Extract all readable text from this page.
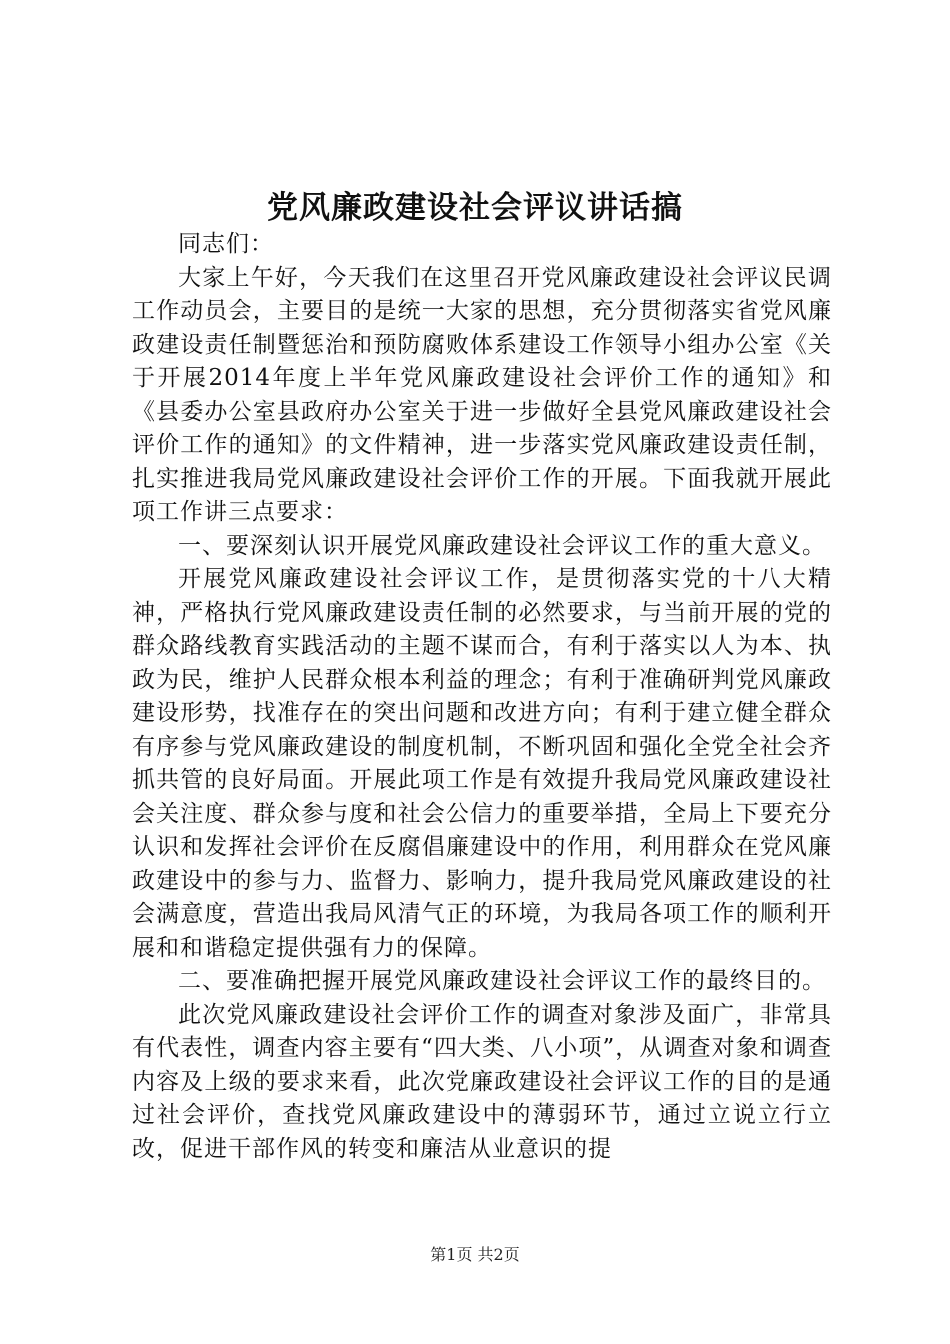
党风廉政建设社会评议讲话搞

同志们：

大家上午好，今天我们在这里召开党风廉政建设社会评议民调工作动员会，主要目的是统一大家的思想，充分贯彻落实省党风廉政建设责任制暨惩治和预防腐败体系建设工作领导小组办公室《关于开展2014年度上半年党风廉政建设社会评价工作的通知》和《县委办公室县政府办公室关于进一步做好全县党风廉政建设社会评价工作的通知》的文件精神，进一步落实党风廉政建设责任制，扎实推进我局党风廉政建设社会评价工作的开展。下面我就开展此项工作讲三点要求：

一、要深刻认识开展党风廉政建设社会评议工作的重大意义。

开展党风廉政建设社会评议工作，是贯彻落实党的十八大精神，严格执行党风廉政建设责任制的必然要求，与当前开展的党的群众路线教育实践活动的主题不谋而合，有利于落实以人为本、执政为民，维护人民群众根本利益的理念；有利于准确研判党风廉政建设形势，找准存在的突出问题和改进方向；有利于建立健全群众有序参与党风廉政建设的制度机制，不断巩固和强化全党全社会齐抓共管的良好局面。开展此项工作是有效提升我局党风廉政建设社会关注度、群众参与度和社会公信力的重要举措，全局上下要充分认识和发挥社会评价在反腐倡廉建设中的作用，利用群众在党风廉政建设中的参与力、监督力、影响力，提升我局党风廉政建设的社会满意度，营造出我局风清气正的环境，为我局各项工作的顺利开展和和谐稳定提供强有力的保障。

二、要准确把握开展党风廉政建设社会评议工作的最终目的。

此次党风廉政建设社会评价工作的调查对象涉及面广，非常具有代表性，调查内容主要有“四大类、八小项”，从调查对象和调查内容及上级的要求来看，此次党廉政建设社会评议工作的目的是通过社会评价，查找党风廉政建设中的薄弱环节，通过立说立行立改，促进干部作风的转变和廉洁从业意识的提

第1页 共2页
